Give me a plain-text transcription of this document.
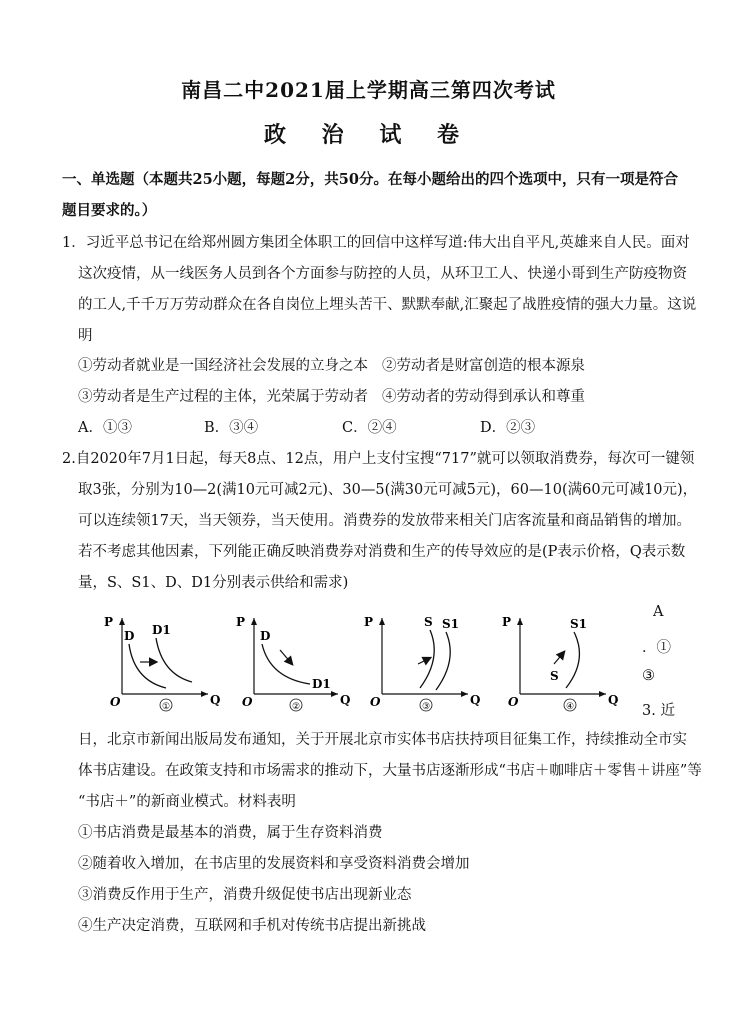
南昌二中2021届上学期高三第四次考试
政 治 试 卷
一、单选题（本题共25小题，每题2分，共50分。在每小题给出的四个选项中，只有一项是符合
题目要求的。）
1．习近平总书记在给郑州圆方集团全体职工的回信中这样写道:伟大出自平凡,英雄来自人民。面对
这次疫情，从一线医务人员到各个方面参与防控的人员，从环卫工人、快递小哥到生产防疫物资
的工人,千千万万劳动群众在各自岗位上埋头苦干、默默奉献,汇聚起了战胜疫情的强大力量。这说
明
①劳动者就业是一国经济社会发展的立身之本 ②劳动者是财富创造的根本源泉
③劳动者是生产过程的主体，光荣属于劳动者 ④劳动者的劳动得到承认和尊重
A．①③	B．③④	C．②④	D．②③
2.自2020年7月1日起，每天8点、12点，用户上支付宝搜“717”就可以领取消费券，每次可一键领
取3张，分别为10—2(满10元可减2元)、30—5(满30元可减5元)，60—10(满60元可减10元)，
可以连续领17天，当天领券，当天使用。消费券的发放带来相关门店客流量和商品销售的增加。
若不考虑其他因素，下列能正确反映消费券对消费和生产的传导效应的是(P表示价格，Q表示数
量，S、S1、D、D1分别表示供给和需求)
P
Q
O
D D1
①
P
Q
O
D
D1
②
P
Q
O
S S1
③
P
Q
O
S1
S
④
A
．①
③
3. 近
日，北京市新闻出版局发布通知，关于开展北京市实体书店扶持项目征集工作，持续推动全市实
体书店建设。在政策支持和市场需求的推动下，大量书店逐渐形成“书店＋咖啡店＋零售＋讲座”等
“书店＋”的新商业模式。材料表明
①书店消费是最基本的消费，属于生存资料消费
②随着收入增加，在书店里的发展资料和享受资料消费会增加
③消费反作用于生产，消费升级促使书店出现新业态
④生产决定消费，互联网和手机对传统书店提出新挑战
